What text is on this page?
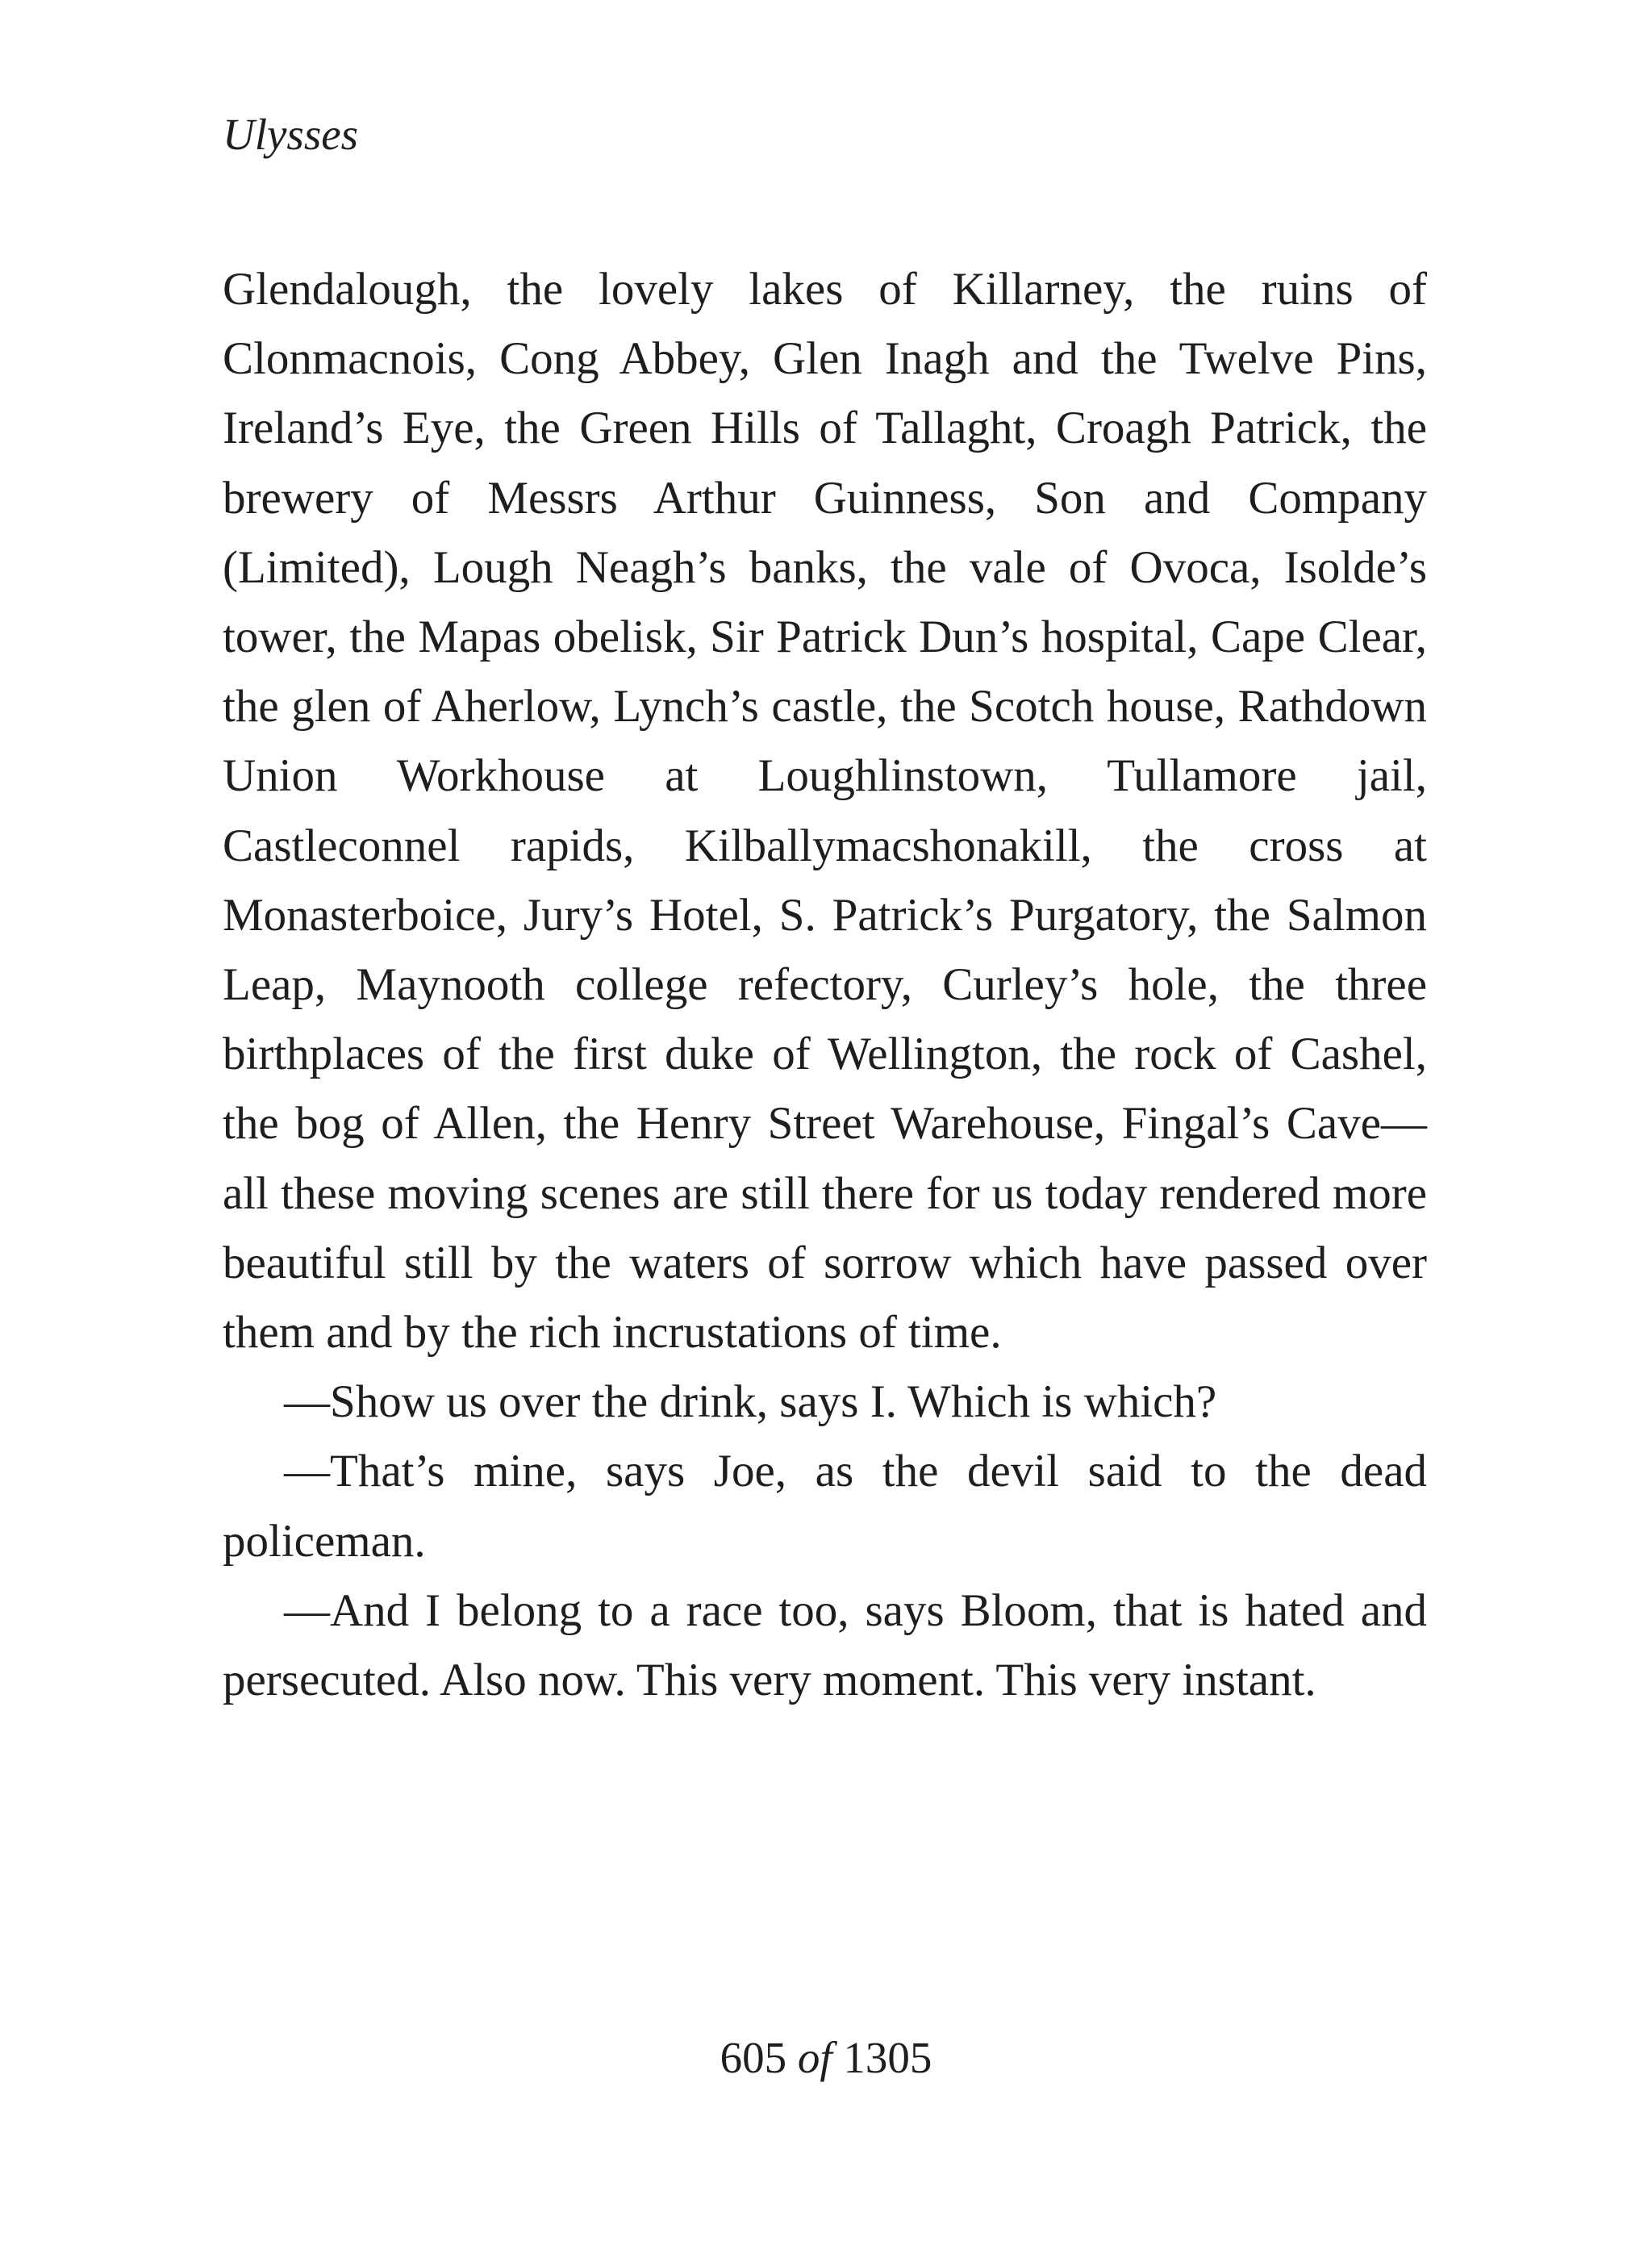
Ulysses

Glendalough, the lovely lakes of Killarney, the ruins of Clonmacnois, Cong Abbey, Glen Inagh and the Twelve Pins, Ireland’s Eye, the Green Hills of Tallaght, Croagh Patrick, the brewery of Messrs Arthur Guinness, Son and Company (Limited), Lough Neagh’s banks, the vale of Ovoca, Isolde’s tower, the Mapas obelisk, Sir Patrick Dun’s hospital, Cape Clear, the glen of Aherlow, Lynch’s castle, the Scotch house, Rathdown Union Workhouse at Loughlinstown, Tullamore jail, Castleconnel rapids, Kilballymacshonakill, the cross at Monasterboice, Jury’s Hotel, S. Patrick’s Purgatory, the Salmon Leap, Maynooth college refectory, Curley’s hole, the three birthplaces of the first duke of Wellington, the rock of Cashel, the bog of Allen, the Henry Street Warehouse, Fingal’s Cave—all these moving scenes are still there for us today rendered more beautiful still by the waters of sorrow which have passed over them and by the rich incrustations of time.

—Show us over the drink, says I. Which is which?

—That’s mine, says Joe, as the devil said to the dead policeman.

—And I belong to a race too, says Bloom, that is hated and persecuted. Also now. This very moment. This very instant.

605 of 1305
